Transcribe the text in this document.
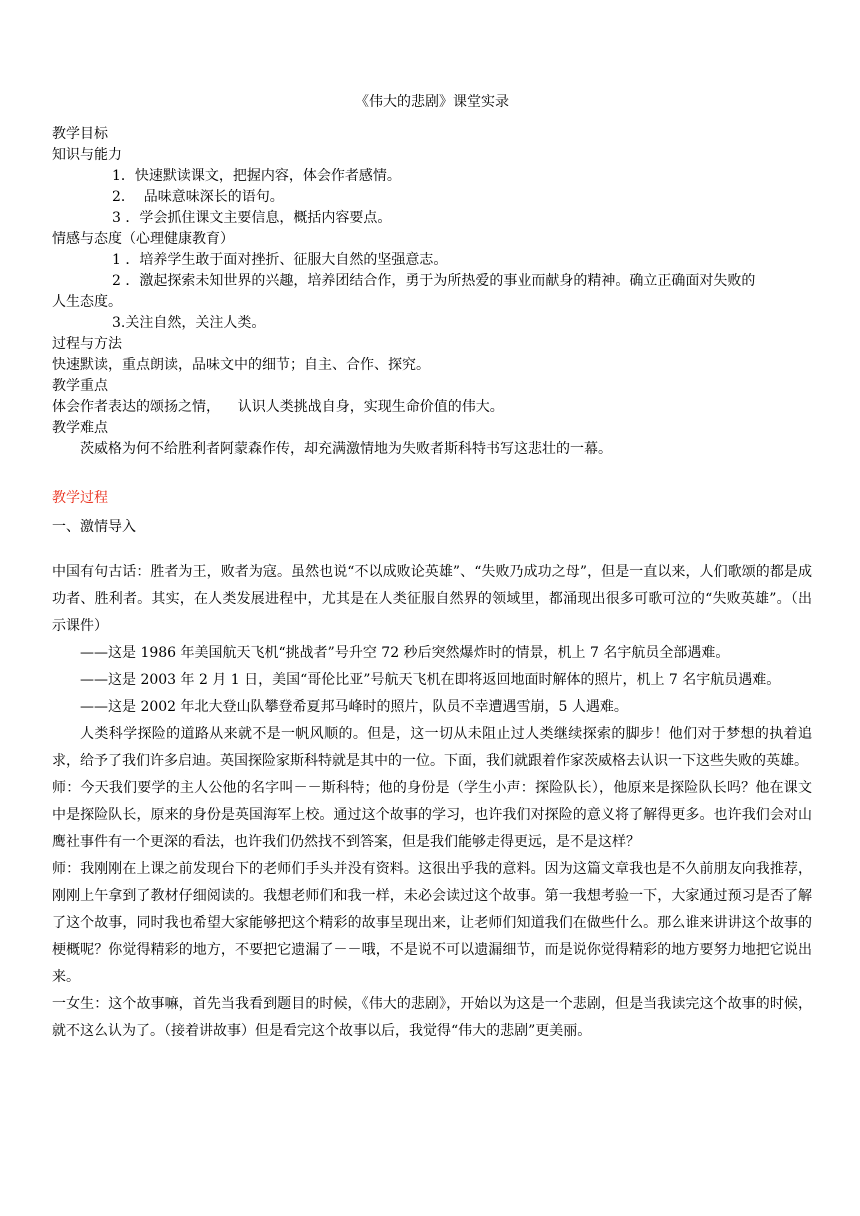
《伟大的悲剧》课堂实录
教学目标
知识与能力
1．快速默读课文，把握内容，体会作者感情。
2．  品味意味深长的语句。
3 ．学会抓住课文主要信息，概括内容要点。
情感与态度（心理健康教育）
1 ．培养学生敢于面对挫折、征服大自然的坚强意志。
2 ．激起探索未知世界的兴趣，培养团结合作，勇于为所热爱的事业而献身的精神。确立正确面对失败的
人生态度。
3.关注自然，关注人类。
过程与方法
快速默读，重点朗读，品味文中的细节；自主、合作、探究。
教学重点
体会作者表达的颂扬之情，    认识人类挑战自身，实现生命价值的伟大。
教学难点
茨威格为何不给胜利者阿蒙森作传，却充满激情地为失败者斯科特书写这悲壮的一幕。
教学过程
一、激情导入
中国有句古话：胜者为王，败者为寇。虽然也说“不以成败论英雄”、“失败乃成功之母”，但是一直以来，人们歌颂的都是成功者、胜利者。其实，在人类发展进程中，尤其是在人类征服自然界的领域里，都涌现出很多可歌可泣的“失败英雄”。（出示课件）
——这是 1986 年美国航天飞机“挑战者”号升空 72 秒后突然爆炸时的情景，机上 7 名宇航员全部遇难。
——这是 2003 年 2 月 1 日，美国“哥伦比亚”号航天飞机在即将返回地面时解体的照片，机上 7 名宇航员遇难。
——这是 2002 年北大登山队攀登希夏邦马峰时的照片，队员不幸遭遇雪崩，5 人遇难。
人类科学探险的道路从来就不是一帆风顺的。但是，这一切从未阻止过人类继续探索的脚步！他们对于梦想的执着追求，给予了我们许多启迪。英国探险家斯科特就是其中的一位。下面，我们就跟着作家茨威格去认识一下这些失败的英雄。
师：今天我们要学的主人公他的名字叫－－斯科特；他的身份是（学生小声：探险队长），他原来是探险队长吗？他在课文中是探险队长，原来的身份是英国海军上校。通过这个故事的学习，也许我们对探险的意义将了解得更多。也许我们会对山鹰社事件有一个更深的看法，也许我们仍然找不到答案，但是我们能够走得更远，是不是这样？
师：我刚刚在上课之前发现台下的老师们手头并没有资料。这很出乎我的意料。因为这篇文章我也是不久前朋友向我推荐，刚刚上午拿到了教材仔细阅读的。我想老师们和我一样，未必会读过这个故事。第一我想考验一下，大家通过预习是否了解了这个故事，同时我也希望大家能够把这个精彩的故事呈现出来，让老师们知道我们在做些什么。那么谁来讲讲这个故事的梗概呢？你觉得精彩的地方，不要把它遗漏了－－哦，不是说不可以遗漏细节，而是说你觉得精彩的地方要努力地把它说出来。
一女生：这个故事嘛，首先当我看到题目的时候，《伟大的悲剧》，开始以为这是一个悲剧，但是当我读完这个故事的时候，就不这么认为了。（接着讲故事）但是看完这个故事以后，我觉得“伟大的悲剧”更美丽。
